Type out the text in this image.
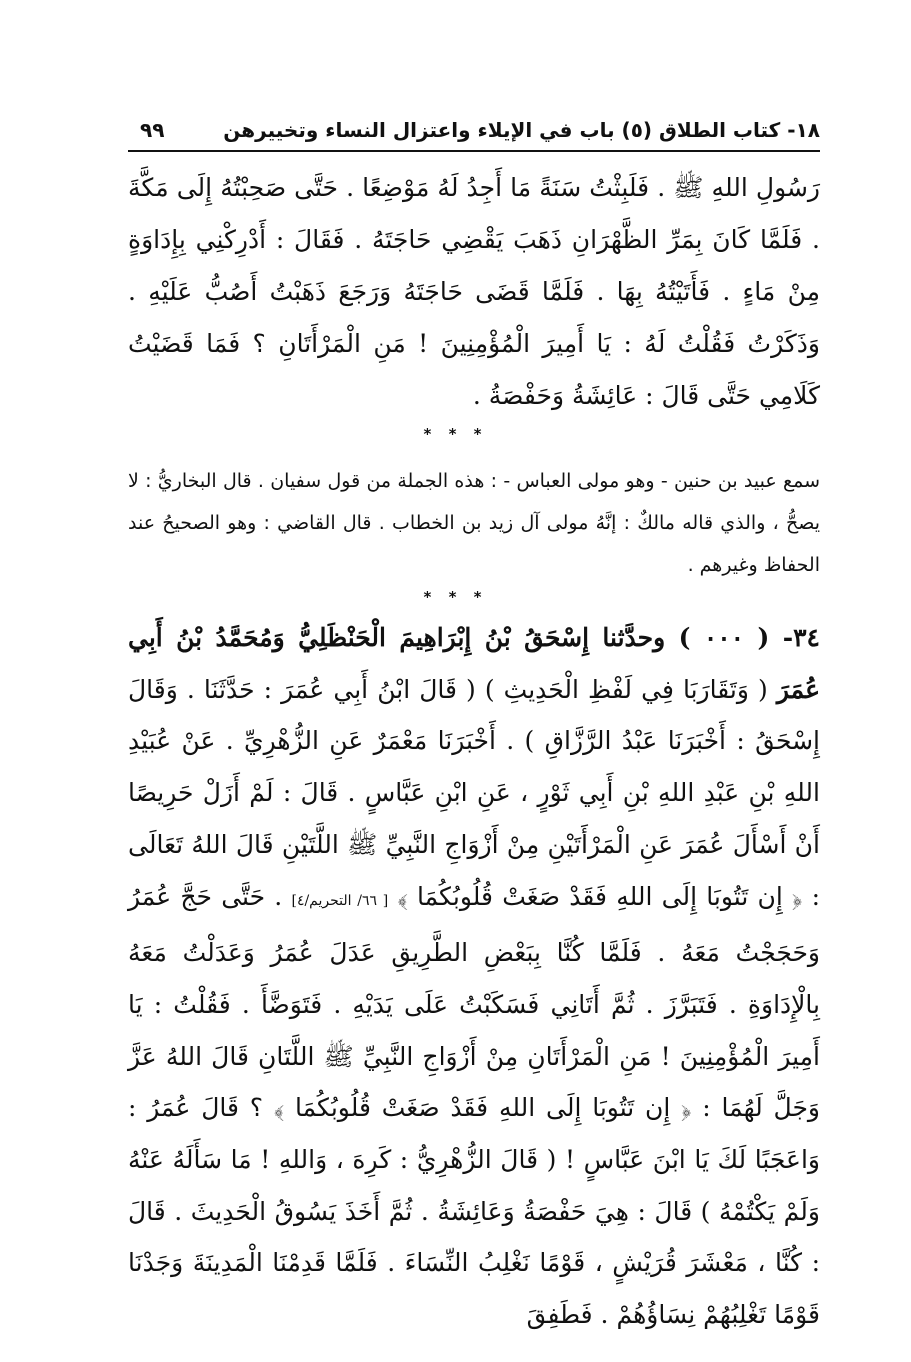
١٨- كتاب الطلاق (٥) باب في الإيلاء واعتزال النساء وتخييرهن
٩٩

رَسُولِ اللهِ ﷺ . فَلَبِثْتُ سَنَةً مَا أَجِدُ لَهُ مَوْضِعًا . حَتَّى صَحِبْتُهُ إِلَى مَكَّةَ . فَلَمَّا كَانَ بِمَرِّ الظَّهْرَانِ ذَهَبَ يَقْضِي حَاجَتَهُ . فَقَالَ : أَدْرِكْنِي بِإِدَاوَةٍ مِنْ مَاءٍ . فَأَتَيْتُهُ بِهَا . فَلَمَّا قَضَى حَاجَتَهُ وَرَجَعَ ذَهَبْتُ أَصُبُّ عَلَيْهِ . وَذَكَرْتُ فَقُلْتُ لَهُ : يَا أَمِيرَ الْمُؤْمِنِينَ ! مَنِ الْمَرْأَتَانِ ؟ فَمَا قَضَيْتُ كَلَامِي حَتَّى قَالَ : عَائِشَةُ وَحَفْصَةُ .

* * *

سمع عبيد بن حنين - وهو مولى العباس - : هذه الجملة من قول سفيان . قال البخاريُّ : لا يصحُّ ، والذي قاله مالكٌ : إنَّهُ مولى آل زيد بن الخطاب . قال القاضي : وهو الصحيحُ عند الحفاظ وغيرهم .

* * *

٣٤- ( ٠٠٠ ) وحدَّثنا إِسْحَقُ بْنُ إِبْرَاهِيمَ الْحَنْظَلِيُّ وَمُحَمَّدُ بْنُ أَبِي عُمَرَ ( وَتَقَارَبَا فِي لَفْظِ الْحَدِيثِ ) ( قَالَ ابْنُ أَبِي عُمَرَ : حَدَّثَنَا . وَقَالَ إِسْحَقُ : أَخْبَرَنَا عَبْدُ الرَّزَّاقِ ) . أَخْبَرَنَا مَعْمَرٌ عَنِ الزُّهْرِيِّ . عَنْ عُبَيْدِ اللهِ بْنِ عَبْدِ اللهِ بْنِ أَبِي ثَوْرٍ ، عَنِ ابْنِ عَبَّاسٍ . قَالَ : لَمْ أَزَلْ حَرِيصًا أَنْ أَسْأَلَ عُمَرَ عَنِ الْمَرْأَتَيْنِ مِنْ أَزْوَاجِ النَّبِيِّ ﷺ اللَّتَيْنِ قَالَ اللهُ تَعَالَى : ﴿ إِن تَتُوبَا إِلَى اللهِ فَقَدْ صَغَتْ قُلُوبُكُمَا ﴾ [ ٦٦/ التحريم/٤] . حَتَّى حَجَّ عُمَرُ وَحَجَجْتُ مَعَهُ . فَلَمَّا كُنَّا بِبَعْضِ الطَّرِيقِ عَدَلَ عُمَرُ وَعَدَلْتُ مَعَهُ بِالْإِدَاوَةِ . فَتَبَرَّزَ . ثُمَّ أَتَانِي فَسَكَبْتُ عَلَى يَدَيْهِ . فَتَوَضَّأَ . فَقُلْتُ : يَا أَمِيرَ الْمُؤْمِنِينَ ! مَنِ الْمَرْأَتَانِ مِنْ أَزْوَاجِ النَّبِيِّ ﷺ اللَّتَانِ قَالَ اللهُ عَزَّ وَجَلَّ لَهُمَا : ﴿ إِن تَتُوبَا إِلَى اللهِ فَقَدْ صَغَتْ قُلُوبُكُمَا ﴾ ؟ قَالَ عُمَرُ : وَاعَجَبًا لَكَ يَا ابْنَ عَبَّاسٍ ! ( قَالَ الزُّهْرِيُّ : كَرِهَ ، وَاللهِ ! مَا سَأَلَهُ عَنْهُ وَلَمْ يَكْتُمْهُ ) قَالَ : هِيَ حَفْصَةُ وَعَائِشَةُ . ثُمَّ أَخَذَ يَسُوقُ الْحَدِيثَ . قَالَ : كُنَّا ، مَعْشَرَ قُرَيْشٍ ، قَوْمًا نَغْلِبُ النِّسَاءَ . فَلَمَّا قَدِمْنَا الْمَدِينَةَ وَجَدْنَا قَوْمًا تَغْلِبُهُمْ نِسَاؤُهُمْ . فَطَفِقَ
